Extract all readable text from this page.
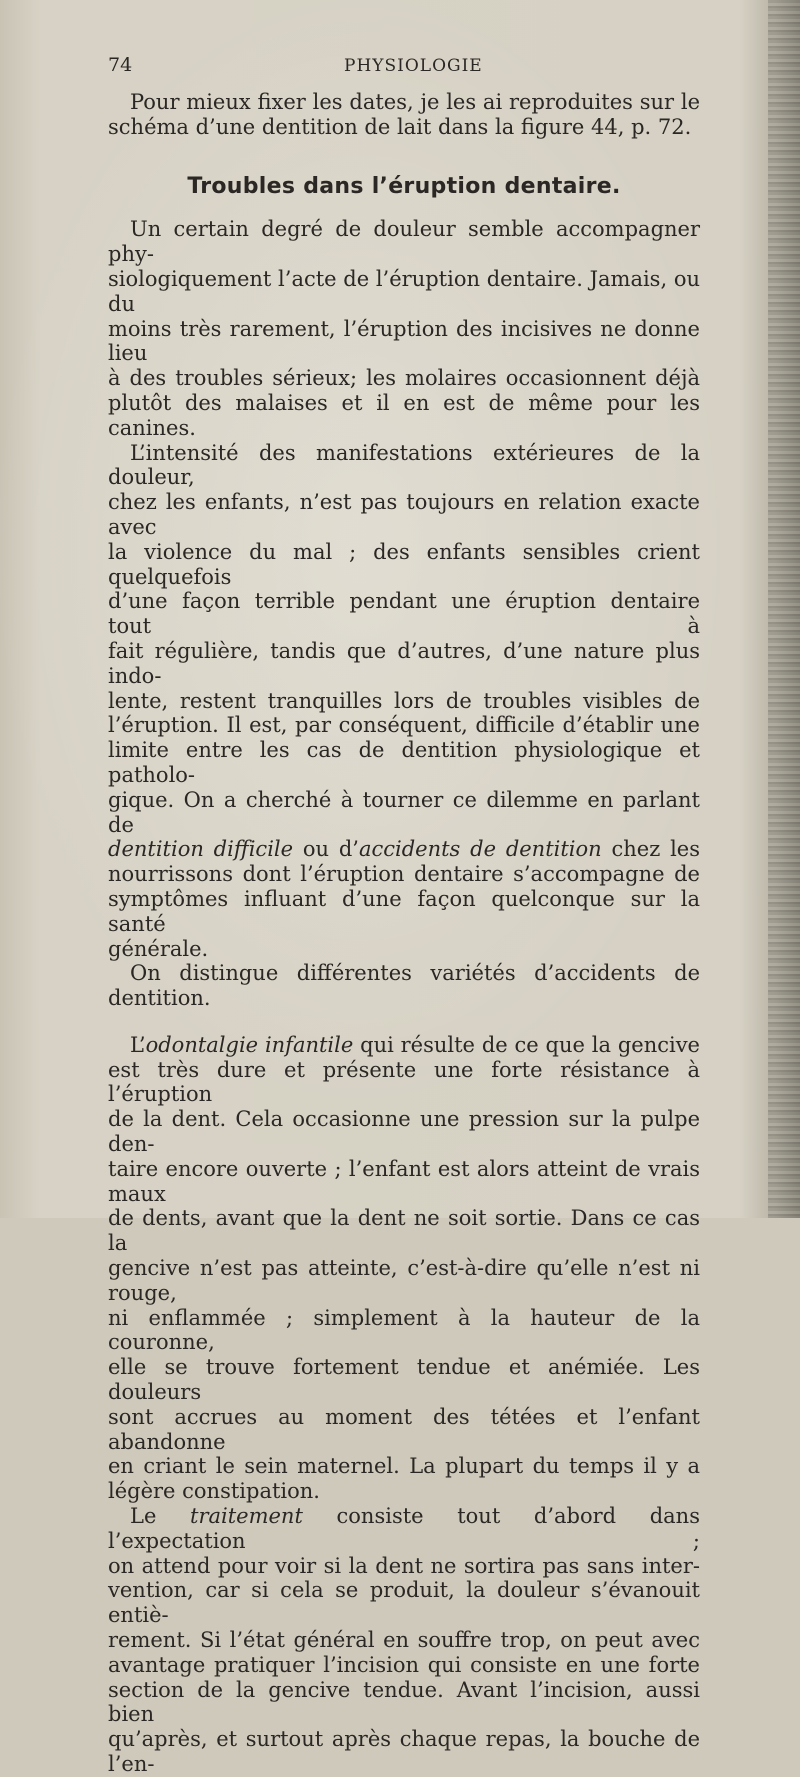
74	PHYSIOLOGIE

Pour mieux fixer les dates, je les ai reproduites sur le

schéma d’une dentition de lait dans la figure 44, p. 72.

Troubles dans l’éruption dentaire.

Un certain degré de douleur semble accompagner phy-

siologiquement l’acte de l’éruption dentaire. Jamais, ou du

moins très rarement, l’éruption des incisives ne donne lieu

à des troubles sérieux; les molaires occasionnent déjà

plutôt des malaises et il en est de même pour les canines.

L’intensité des manifestations extérieures de la douleur,

chez les enfants, n’est pas toujours en relation exacte avec

la violence du mal ; des enfants sensibles crient quelquefois

d’une façon terrible pendant une éruption dentaire tout à

fait régulière, tandis que d’autres, d’une nature plus indo-

lente, restent tranquilles lors de troubles visibles de

l’éruption. Il est, par conséquent, difficile d’établir une

limite entre les cas de dentition physiologique et patholo-

gique. On a cherché à tourner ce dilemme en parlant de

dentition difficile ou d’accidents de dentition chez les

nourrissons dont l’éruption dentaire s’accompagne de

symptômes influant d’une façon quelconque sur la santé

générale.

On distingue différentes variétés d’accidents de dentition.

L’odontalgie infantile qui résulte de ce que la gencive

est très dure et présente une forte résistance à l’éruption

de la dent. Cela occasionne une pression sur la pulpe den-

taire encore ouverte ; l’enfant est alors atteint de vrais maux

de dents, avant que la dent ne soit sortie. Dans ce cas la

gencive n’est pas atteinte, c’est-à-dire qu’elle n’est ni rouge,

ni enflammée ; simplement à la hauteur de la couronne,

elle se trouve fortement tendue et anémiée. Les douleurs

sont accrues au moment des tétées et l’enfant abandonne

en criant le sein maternel. La plupart du temps il y a

légère constipation.

Le traitement consiste tout d’abord dans l’expectation ;

on attend pour voir si la dent ne sortira pas sans inter-

vention, car si cela se produit, la douleur s’évanouit entiè-

rement. Si l’état général en souffre trop, on peut avec

avantage pratiquer l’incision qui consiste en une forte

section de la gencive tendue. Avant l’incision, aussi bien

qu’après, et surtout après chaque repas, la bouche de l’en-
